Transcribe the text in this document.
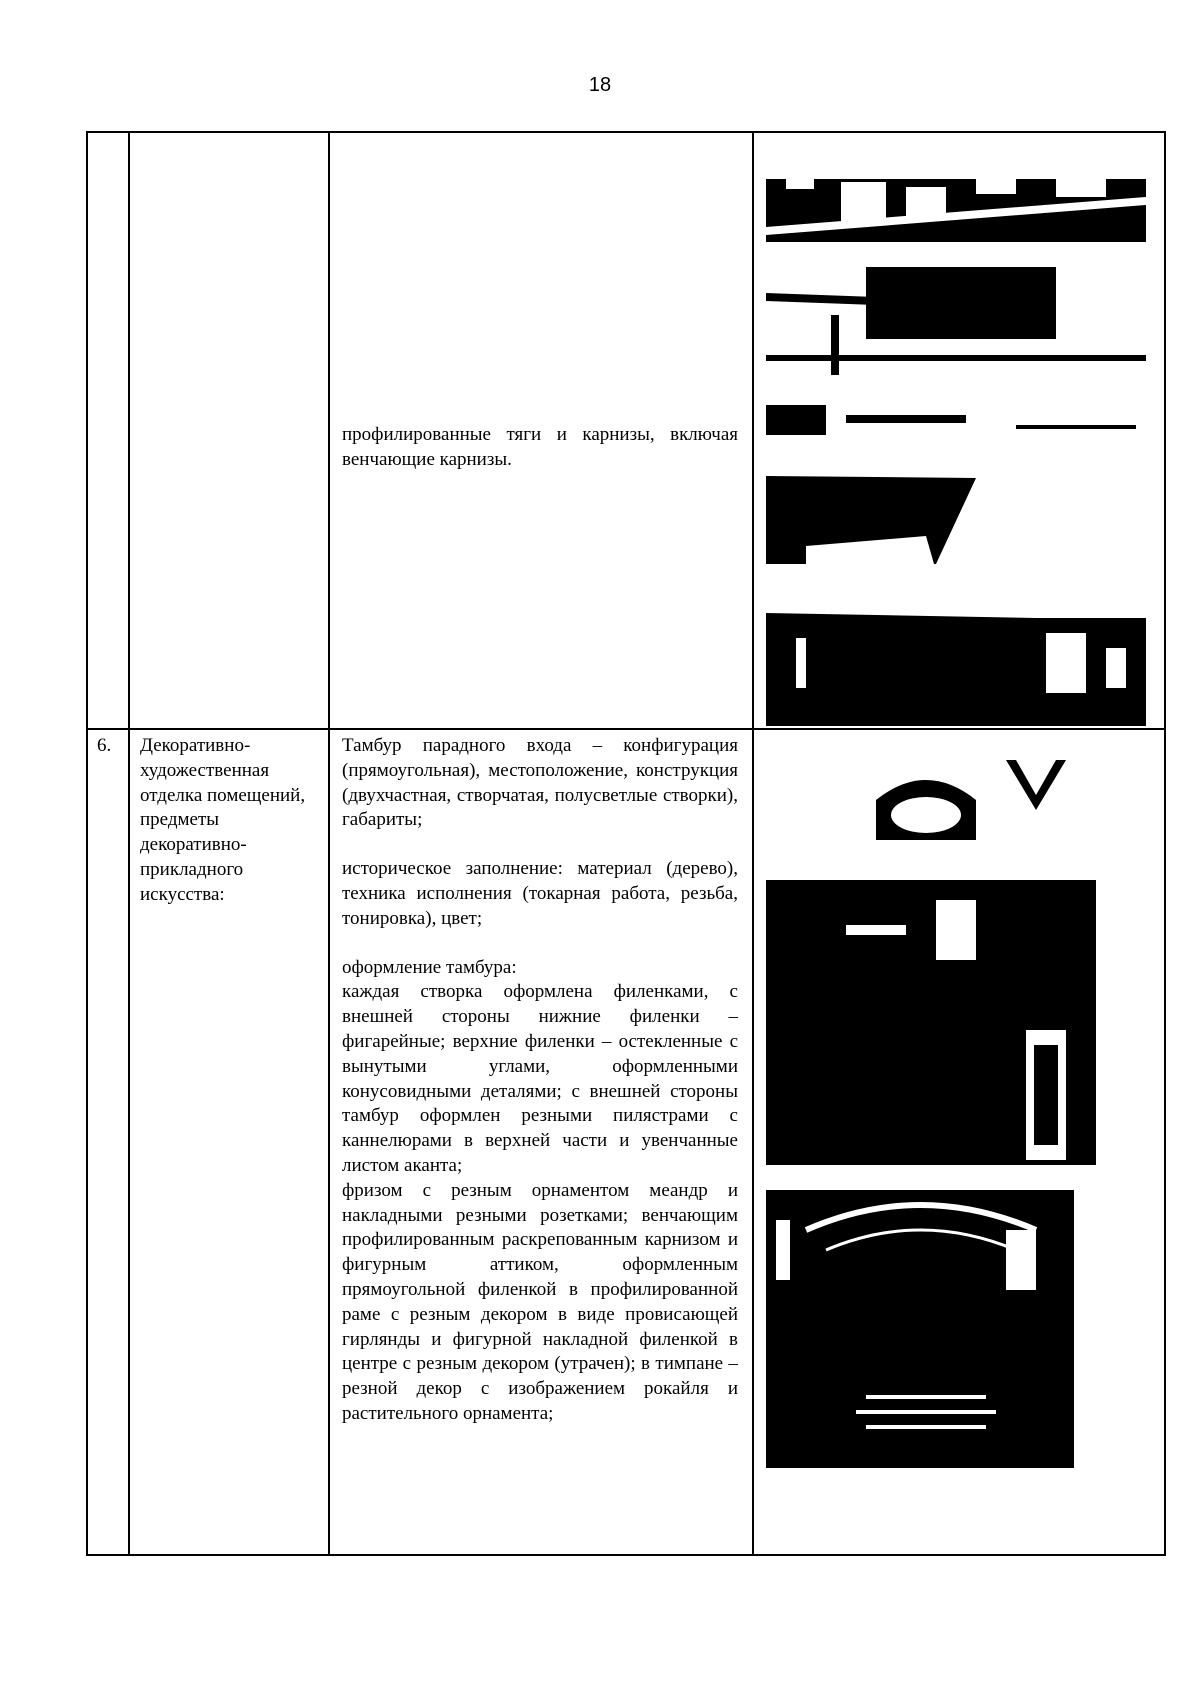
18

профилированные тяги и карнизы, включая венчающие карнизы.

6.	Декоративно-художественная отделка помещений, предметы декоративно-прикладного искусства:

Тамбур парадного входа – конфигурация (прямоугольная), местоположение, конструкция (двухчастная, створчатая, полусветлые створки), габариты;

историческое заполнение: материал (дерево), техника исполнения (токарная работа, резьба, тонировка), цвет;

оформление тамбура:

каждая створка оформлена филенками, с внешней стороны нижние филенки – фигарейные; верхние филенки – остекленные с вынутыми углами, оформленными конусовидными деталями; с внешней стороны тамбур оформлен резными пилястрами с каннелюрами в верхней части и увенчанные листом аканта;

фризом с резным орнаментом меандр и накладными резными розетками; венчающим профилированным раскрепованным карнизом и фигурным аттиком, оформленным прямоугольной филенкой в профилированной раме с резным декором в виде провисающей гирлянды и фигурной накладной филенкой в центре с резным декором (утрачен); в тимпане – резной декор с изображением рокайля и растительного орнамента;
